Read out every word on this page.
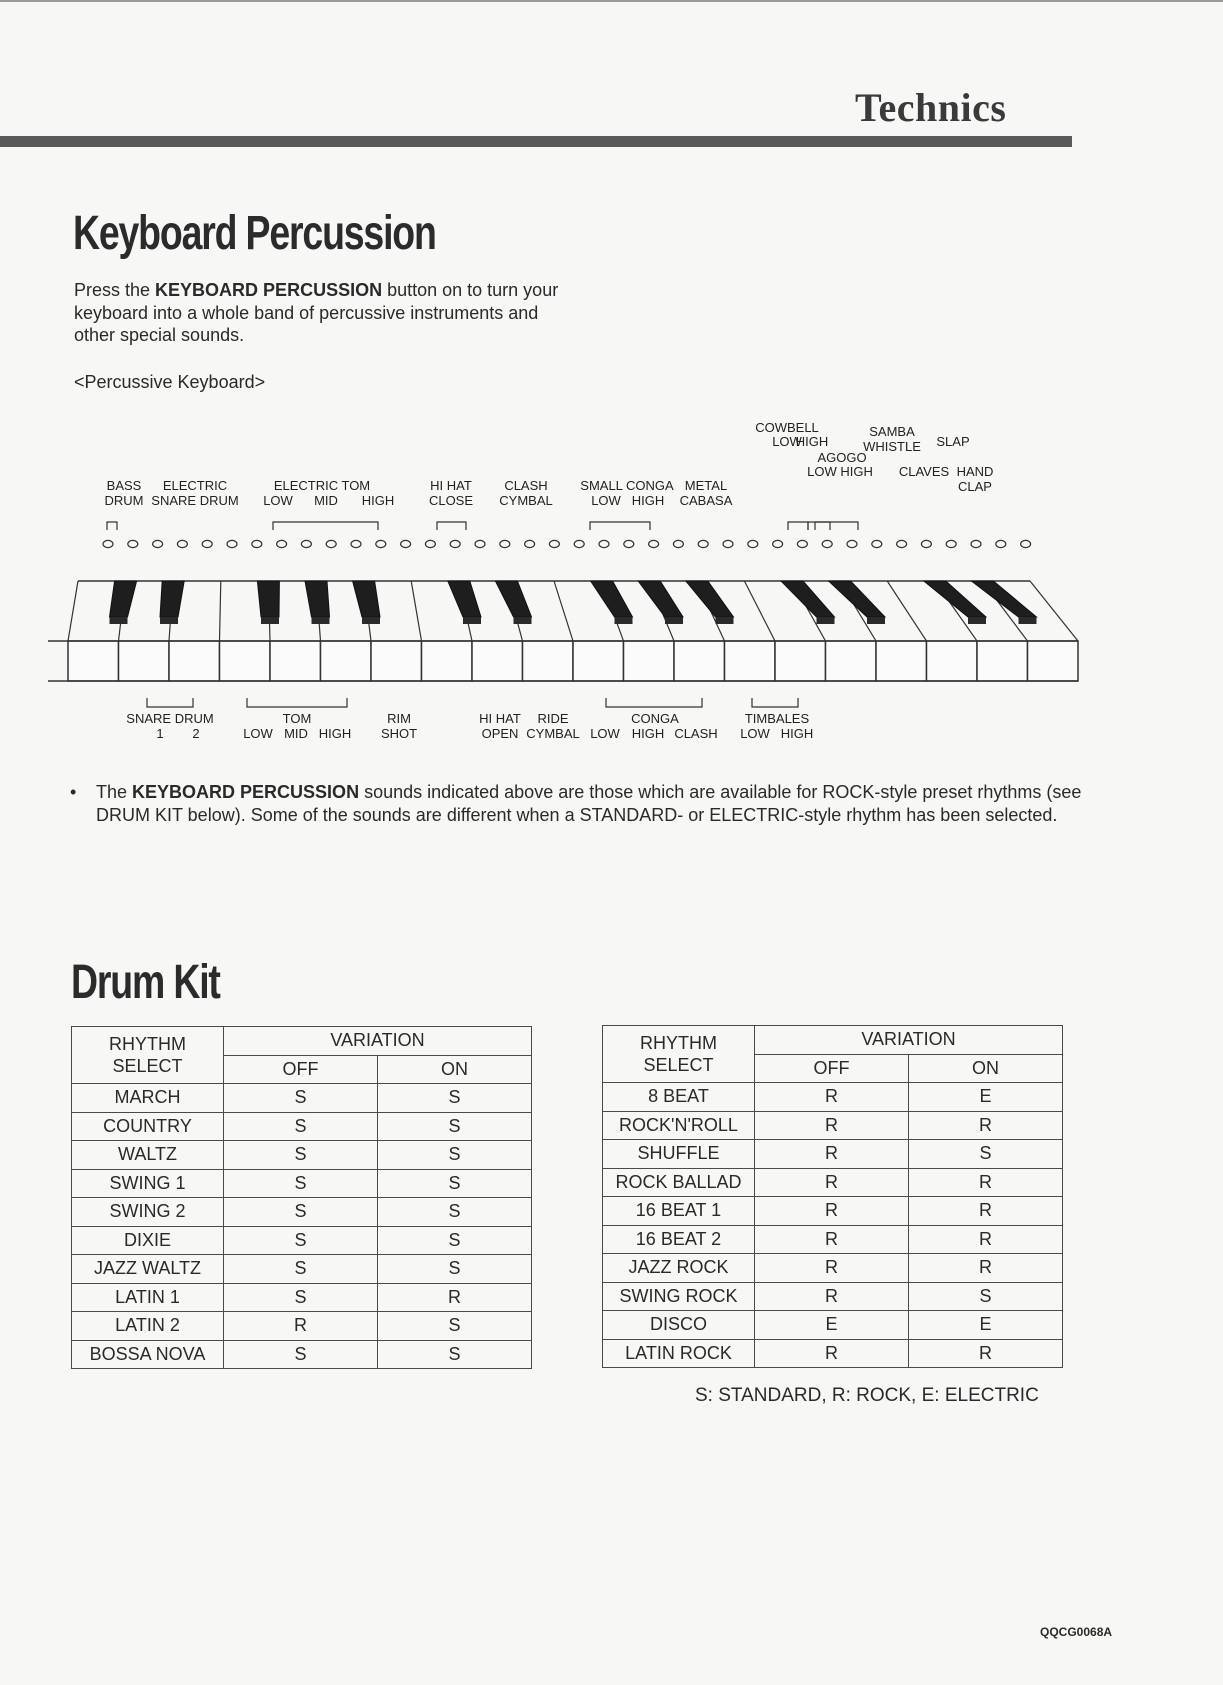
Technics
Keyboard Percussion
Press the KEYBOARD PERCUSSION button on to turn your keyboard into a whole band of percussive instruments and other special sounds.
<Percussive Keyboard>
BASS
DRUM
ELECTRIC
SNARE DRUM
ELECTRIC TOM
LOW MID HIGH
HI HAT
CLOSE
CLASH
CYMBAL
SMALL CONGA
LOW HIGH
METAL
CABASA
COWBELL
LOW
HIGH
SAMBA
WHISTLE SLAP
AGOGO
LOW HIGH CLAVES HAND
CLAP
SNARE DRUM
1 2
TOM
LOW MID HIGH
RIM
SHOT
HI HAT
OPEN
RIDE
CYMBAL
CONGA
LOW HIGH CLASH
TIMBALES
LOW HIGH
• The KEYBOARD PERCUSSION sounds indicated above are those which are available for ROCK-style preset rhythms (see DRUM KIT below). Some of the sounds are different when a STANDARD- or ELECTRIC-style rhythm has been selected.
Drum Kit
RHYTHM
SELECT	VARIATION	
	OFF	ON
MARCH	S	S
COUNTRY	S	S
WALTZ	S	S
SWING 1	S	S
SWING 2	S	S
DIXIE	S	S
JAZZ WALTZ	S	S
LATIN 1	S	R
LATIN 2	R	S
BOSSA NOVA	S	S
RHYTHM
SELECT	VARIATION	
	OFF	ON
8 BEAT	R	E
ROCK'N'ROLL	R	R
SHUFFLE	R	S
ROCK BALLAD	R	R
16 BEAT 1	R	R
16 BEAT 2	R	R
JAZZ ROCK	R	R
SWING ROCK	R	S
DISCO	E	E
LATIN ROCK	R	R
S: STANDARD, R: ROCK, E: ELECTRIC
QQCG0068A
